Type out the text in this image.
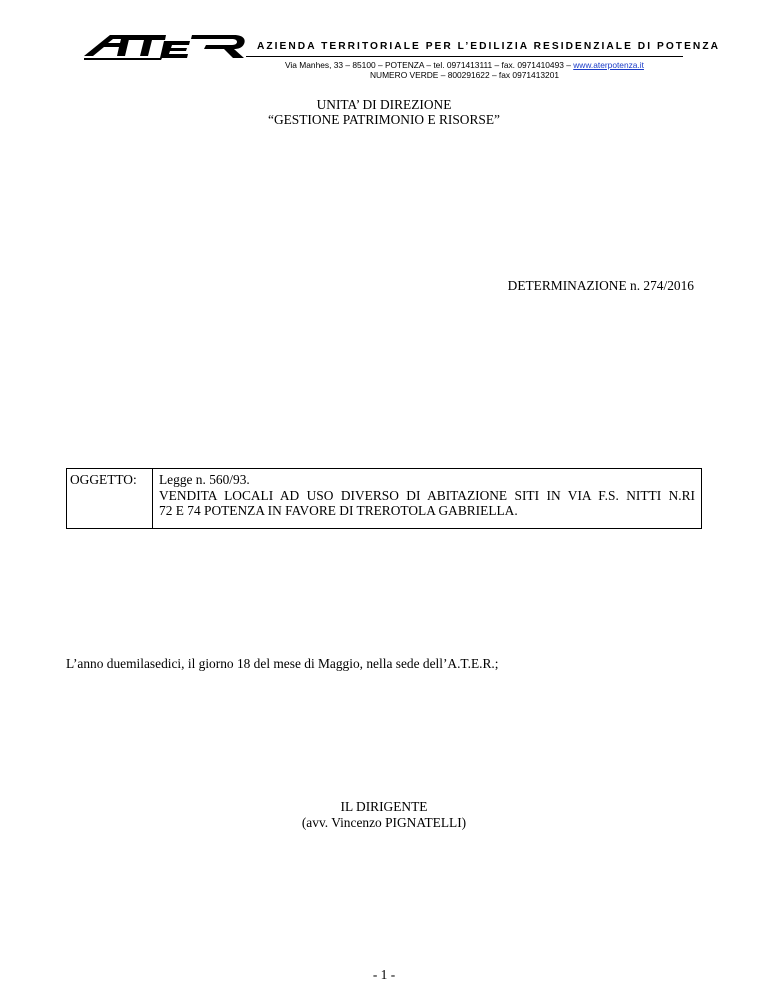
AZIENDA TERRITORIALE PER L’EDILIZIA RESIDENZIALE DI POTENZA
Via Manhes, 33 – 85100 – POTENZA – tel. 0971413111 – fax. 0971410493 – www.aterpotenza.it
NUMERO VERDE – 800291622 – fax 0971413201
UNITA’ DI DIREZIONE
“GESTIONE PATRIMONIO E RISORSE”
DETERMINAZIONE n. 274/2016
OGGETTO: Legge n. 560/93.
VENDITA LOCALI AD USO DIVERSO DI ABITAZIONE SITI IN VIA F.S. NITTI N.RI
72 E 74 POTENZA IN FAVORE DI TREROTOLA GABRIELLA.
L’anno duemilasedici, il giorno 18 del mese di Maggio, nella sede dell’A.T.E.R.;
IL DIRIGENTE
(avv. Vincenzo PIGNATELLI)
- 1 -
